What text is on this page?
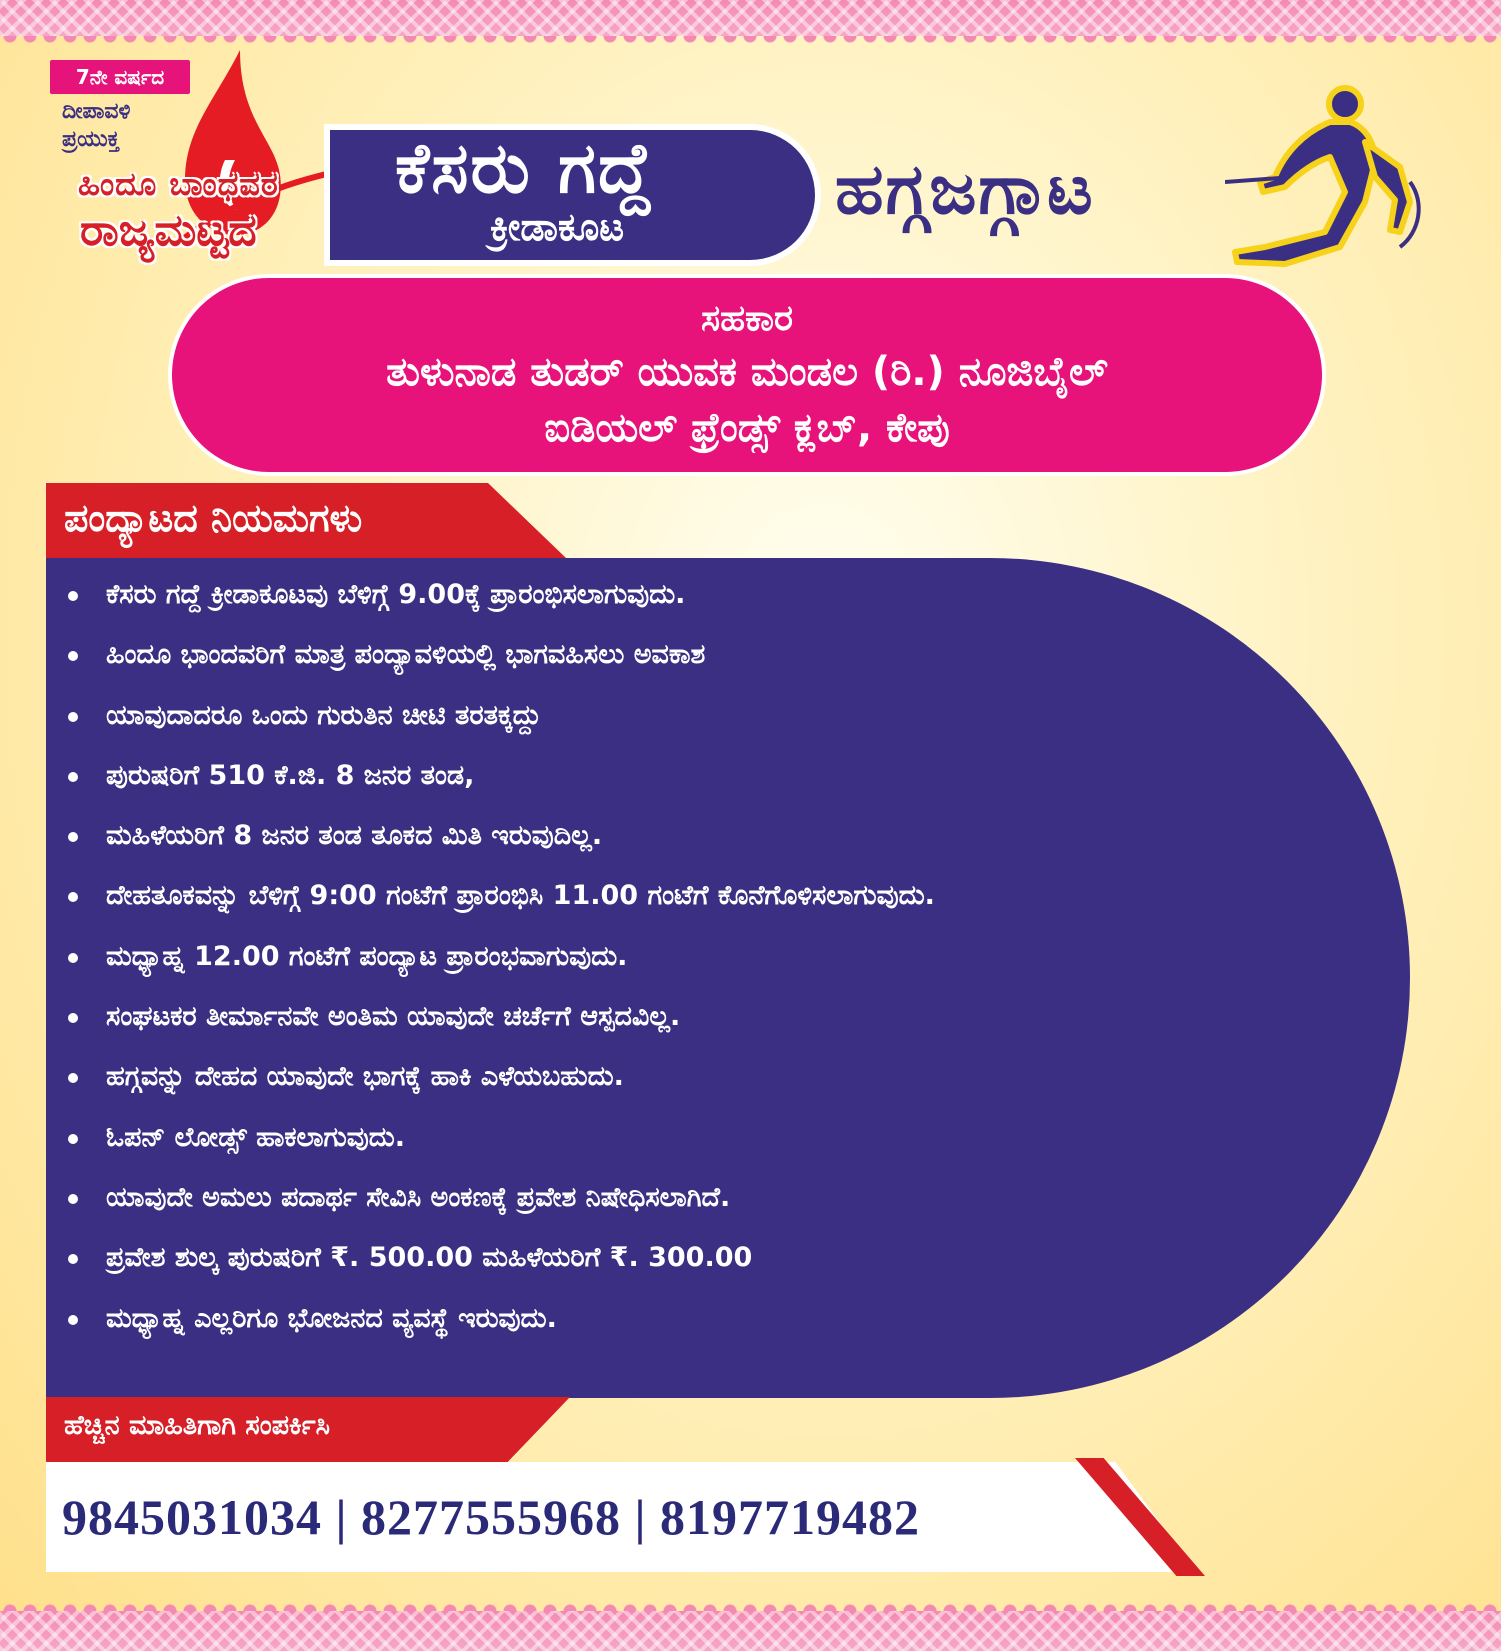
7ನೇ ವರ್ಷದ
ದೀಪಾವಳಿ
ಪ್ರಯುಕ್ತ
ಹಿಂದೂ ಬಾಂಧವರ
ರಾಜ್ಯಮಟ್ಟದ
ಕೆಸರು ಗದ್ದೆ
ಕ್ರೀಡಾಕೂಟ	ಹಗ್ಗಜಗ್ಗಾಟ
ಸಹಕಾರ
ತುಳುನಾಡ ತುಡರ್ ಯುವಕ ಮಂಡಲ (ರಿ.) ನೂಜಿಬೈಲ್
ಐಡಿಯಲ್ ಫ್ರೆಂಡ್ಸ್ ಕ್ಲಬ್, ಕೇಪು
ಪಂದ್ಯಾಟದ ನಿಯಮಗಳು
ಕೆಸರು ಗದ್ದೆ ಕ್ರೀಡಾಕೂಟವು ಬೆಳಿಗ್ಗೆ 9.00ಕ್ಕೆ ಪ್ರಾರಂಭಿಸಲಾಗುವುದು.
ಹಿಂದೂ ಭಾಂದವರಿಗೆ ಮಾತ್ರ ಪಂದ್ಯಾವಳಿಯಲ್ಲಿ ಭಾಗವಹಿಸಲು ಅವಕಾಶ
ಯಾವುದಾದರೂ ಒಂದು ಗುರುತಿನ ಚೀಟಿ ತರತಕ್ಕದ್ದು
ಪುರುಷರಿಗೆ 510 ಕೆ.ಜಿ. 8 ಜನರ ತಂಡ,
ಮಹಿಳೆಯರಿಗೆ 8 ಜನರ ತಂಡ ತೂಕದ ಮಿತಿ ಇರುವುದಿಲ್ಲ.
ದೇಹತೂಕವನ್ನು ಬೆಳಿಗ್ಗೆ 9:00 ಗಂಟೆಗೆ ಪ್ರಾರಂಭಿಸಿ 11.00 ಗಂಟೆಗೆ ಕೊನೆಗೊಳಿಸಲಾಗುವುದು.
ಮಧ್ಯಾಹ್ನ 12.00 ಗಂಟೆಗೆ ಪಂದ್ಯಾಟ ಪ್ರಾರಂಭವಾಗುವುದು.
ಸಂಘಟಕರ ತೀರ್ಮಾನವೇ ಅಂತಿಮ ಯಾವುದೇ ಚರ್ಚೆಗೆ ಆಸ್ಪದವಿಲ್ಲ.
ಹಗ್ಗವನ್ನು ದೇಹದ ಯಾವುದೇ ಭಾಗಕ್ಕೆ ಹಾಕಿ ಎಳೆಯಬಹುದು.
ಓಪನ್ ಲೋಡ್ಸ್ ಹಾಕಲಾಗುವುದು.
ಯಾವುದೇ ಅಮಲು ಪದಾರ್ಥ ಸೇವಿಸಿ ಅಂಕಣಕ್ಕೆ ಪ್ರವೇಶ ನಿಷೇಧಿಸಲಾಗಿದೆ.
ಪ್ರವೇಶ ಶುಲ್ಕ ಪುರುಷರಿಗೆ ₹. 500.00 ಮಹಿಳೆಯರಿಗೆ ₹. 300.00
ಮಧ್ಯಾಹ್ನ ಎಲ್ಲರಿಗೂ ಭೋಜನದ ವ್ಯವಸ್ಥೆ ಇರುವುದು.
ಹೆಚ್ಚಿನ ಮಾಹಿತಿಗಾಗಿ ಸಂಪರ್ಕಿಸಿ
9845031034 | 8277555968 | 8197719482
